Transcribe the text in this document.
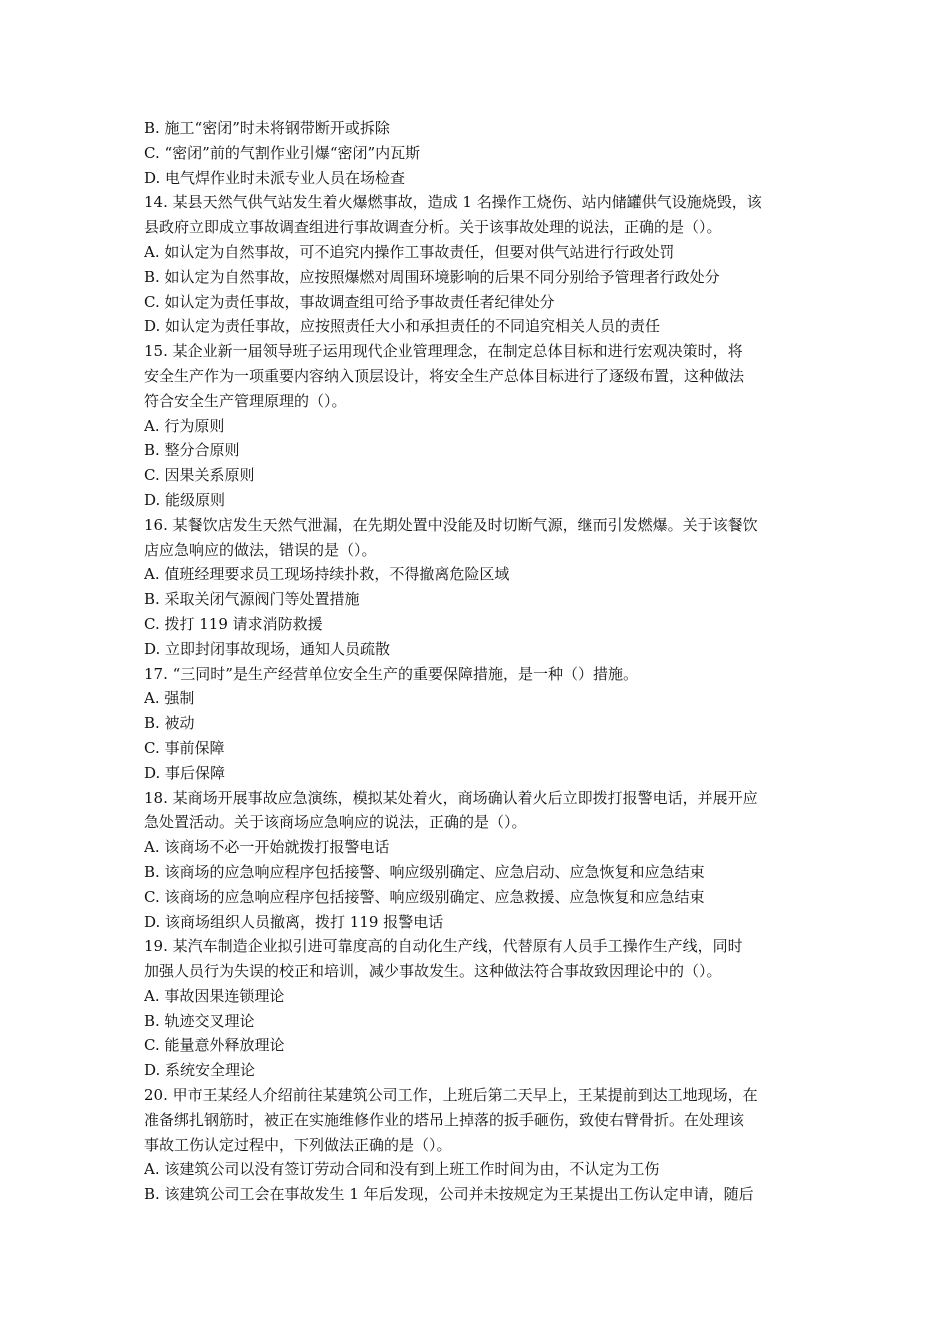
B. 施工“密闭”时未将钢带断开或拆除
C. “密闭”前的气割作业引爆“密闭”内瓦斯
D. 电气焊作业时未派专业人员在场检查
14. 某县天然气供气站发生着火爆燃事故，造成 1 名操作工烧伤、站内储罐供气设施烧毁，该
县政府立即成立事故调查组进行事故调查分析。关于该事故处理的说法，正确的是（）。
A. 如认定为自然事故，可不追究内操作工事故责任，但要对供气站进行行政处罚
B. 如认定为自然事故，应按照爆燃对周围环境影响的后果不同分别给予管理者行政处分
C. 如认定为责任事故，事故调查组可给予事故责任者纪律处分
D. 如认定为责任事故，应按照责任大小和承担责任的不同追究相关人员的责任
15. 某企业新一届领导班子运用现代企业管理理念，在制定总体目标和进行宏观决策时，将
安全生产作为一项重要内容纳入顶层设计，将安全生产总体目标进行了逐级布置，这种做法
符合安全生产管理原理的（）。
A. 行为原则
B. 整分合原则
C. 因果关系原则
D. 能级原则
16. 某餐饮店发生天然气泄漏，在先期处置中没能及时切断气源，继而引发燃爆。关于该餐饮
店应急响应的做法，错误的是（）。
A. 值班经理要求员工现场持续扑救，不得撤离危险区域
B. 采取关闭气源阀门等处置措施
C. 拨打 119 请求消防救援
D. 立即封闭事故现场，通知人员疏散
17. “三同时”是生产经营单位安全生产的重要保障措施，是一种（）措施。
A. 强制
B. 被动
C. 事前保障
D. 事后保障
18. 某商场开展事故应急演练，模拟某处着火，商场确认着火后立即拨打报警电话，并展开应
急处置活动。关于该商场应急响应的说法，正确的是（）。
A. 该商场不必一开始就拨打报警电话
B. 该商场的应急响应程序包括接警、响应级别确定、应急启动、应急恢复和应急结束
C. 该商场的应急响应程序包括接警、响应级别确定、应急救援、应急恢复和应急结束
D. 该商场组织人员撤离，拨打 119 报警电话
19. 某汽车制造企业拟引进可靠度高的自动化生产线，代替原有人员手工操作生产线，同时
加强人员行为失误的校正和培训，减少事故发生。这种做法符合事故致因理论中的（）。
A. 事故因果连锁理论
B. 轨迹交叉理论
C. 能量意外释放理论
D. 系统安全理论
20. 甲市王某经人介绍前往某建筑公司工作，上班后第二天早上，王某提前到达工地现场，在
准备绑扎钢筋时，被正在实施维修作业的塔吊上掉落的扳手砸伤，致使右臂骨折。在处理该
事故工伤认定过程中，下列做法正确的是（）。
A. 该建筑公司以没有签订劳动合同和没有到上班工作时间为由，不认定为工伤
B. 该建筑公司工会在事故发生 1 年后发现，公司并未按规定为王某提出工伤认定申请，随后
